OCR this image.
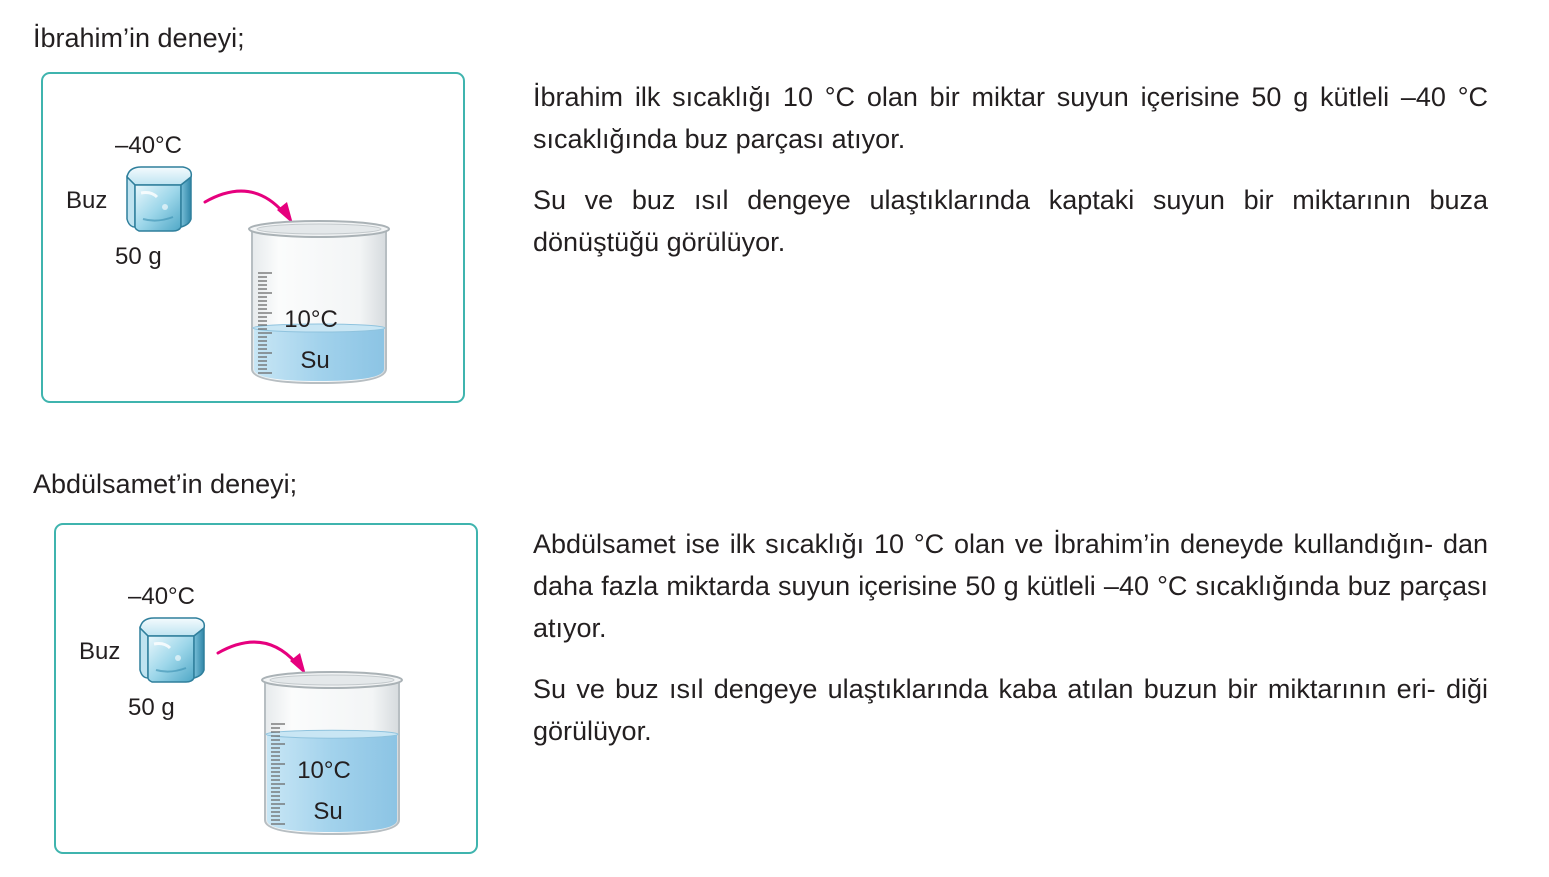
İbrahim’in deneyi;
–40°C
Buz
50 g
10°C
Su

İbrahim ilk sıcaklığı 10 °C olan bir miktar suyun içerisine 50 g kütleli –40 °C sıcaklığında buz parçası atıyor.

Su ve buz ısıl dengeye ulaştıklarında kaptaki suyun bir miktarının buza dönüştüğü görülüyor.

Abdülsamet’in deneyi;
–40°C
Buz
50 g
10°C
Su

Abdülsamet ise ilk sıcaklığı 10 °C olan ve İbrahim’in deneyde kullandığın- dan daha fazla miktarda suyun içerisine 50 g kütleli –40 °C sıcaklığında buz parçası atıyor.

Su ve buz ısıl dengeye ulaştıklarında kaba atılan buzun bir miktarının eri- diği görülüyor.
